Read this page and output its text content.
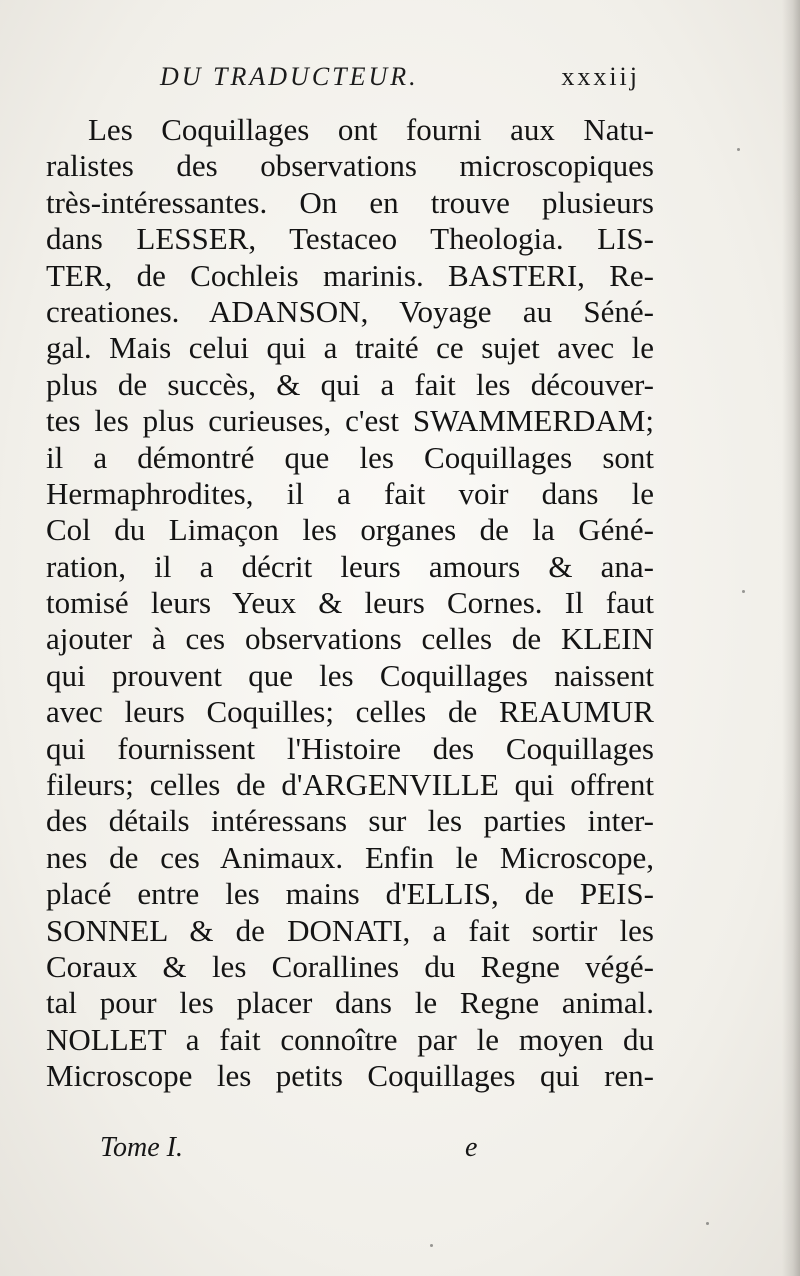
DU TRADUCTEUR.	xxxiij
Les Coquillages ont fourni aux Natu-
ralistes des observations microscopiques
très-intéressantes. On en trouve plusieurs
dans LESSER, Testaceo Theologia. LIS-
TER, de Cochleis marinis. BASTERI, Re-
creationes. ADANSON, Voyage au Séné-
gal. Mais celui qui a traité ce sujet avec le
plus de succès, & qui a fait les découver-
tes les plus curieuses, c'est SWAMMERDAM;
il a démontré que les Coquillages sont
Hermaphrodites, il a fait voir dans le
Col du Limaçon les organes de la Géné-
ration, il a décrit leurs amours & ana-
tomisé leurs Yeux & leurs Cornes. Il faut
ajouter à ces observations celles de KLEIN
qui prouvent que les Coquillages naissent
avec leurs Coquilles; celles de REAUMUR
qui fournissent l'Histoire des Coquillages
fileurs; celles de d'ARGENVILLE qui offrent
des détails intéressans sur les parties inter-
nes de ces Animaux. Enfin le Microscope,
placé entre les mains d'ELLIS, de PEIS-
SONNEL & de DONATI, a fait sortir les
Coraux & les Corallines du Regne végé-
tal pour les placer dans le Regne animal.
NOLLET a fait connoître par le moyen du
Microscope les petits Coquillages qui ren-
Tome I.	e
